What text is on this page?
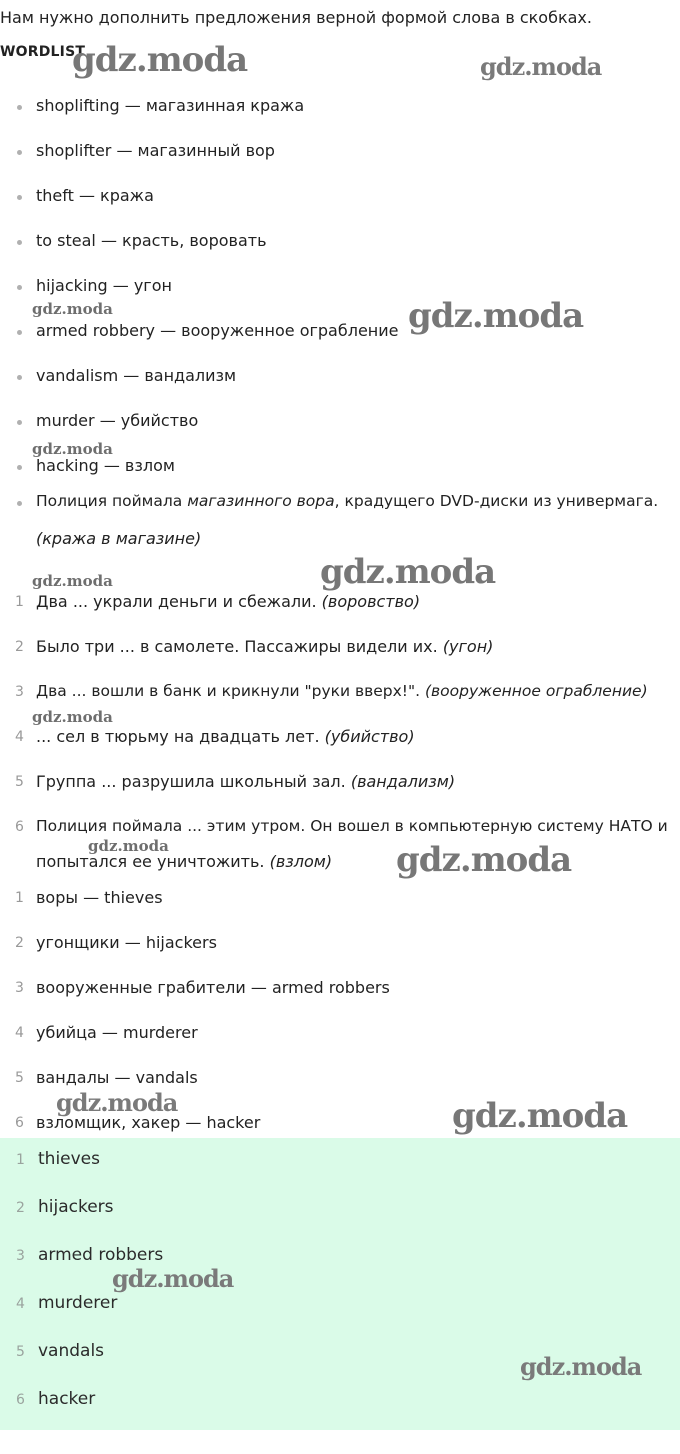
Нам нужно дополнить предложения верной формой слова в скобках.
WORDLIST
shoplifting — магазинная кража
shoplifter — магазинный вор
theft — кража
to steal — красть, воровать
hijacking — угон
armed robbery — вооруженное ограбление
vandalism — вандализм
murder — убийство
hacking — взлом
Полиция поймала магазинного вора, крадущего DVD-диски из универмага.
(кража в магазине)
1 Два ... украли деньги и сбежали. (воровство)
2 Было три ... в самолете. Пассажиры видели их. (угон)
3 Два ... вошли в банк и крикнули "руки вверх!". (вооруженное ограбление)
4 ... сел в тюрьму на двадцать лет. (убийство)
5 Группа ... разрушила школьный зал. (вандализм)
6 Полиция поймала ... этим утром. Он вошел в компьютерную систему НАТО и
попытался ее уничтожить. (взлом)
1 воры — thieves
2 угонщики — hijackers
3 вооруженные грабители — armed robbers
4 убийца — murderer
5 вандалы — vandals
6 взломщик, хакер — hacker
1 thieves
2 hijackers
3 armed robbers
4 murderer
5 vandals
6 hacker
gdz.moda	gdz.moda
gdz.moda	gdz.moda
gdz.moda
gdz.moda	gdz.moda
gdz.moda
gdz.moda	gdz.moda
gdz.moda	gdz.moda
gdz.moda
gdz.moda
